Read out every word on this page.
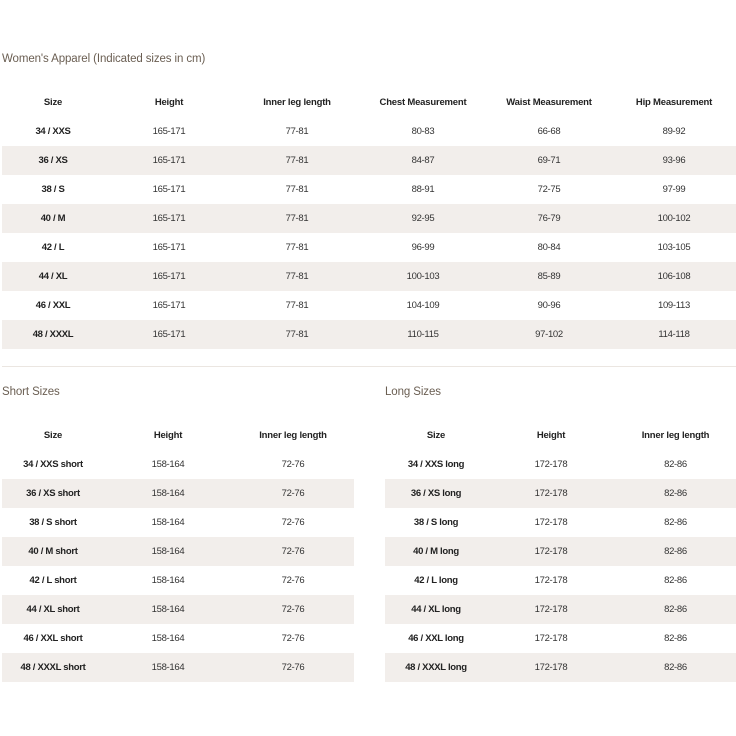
Women's Apparel (Indicated sizes in cm)
Size	Height	Inner leg length	Chest Measurement	Waist Measurement	Hip Measurement
34 / XXS	165-171	77-81	80-83	66-68	89-92
36 / XS	165-171	77-81	84-87	69-71	93-96
38 / S	165-171	77-81	88-91	72-75	97-99
40 / M	165-171	77-81	92-95	76-79	100-102
42 / L	165-171	77-81	96-99	80-84	103-105
44 / XL	165-171	77-81	100-103	85-89	106-108
46 / XXL	165-171	77-81	104-109	90-96	109-113
48 / XXXL	165-171	77-81	110-115	97-102	114-118
Short Sizes
Size	Height	Inner leg length
34 / XXS short	158-164	72-76
36 / XS short	158-164	72-76
38 / S short	158-164	72-76
40 / M short	158-164	72-76
42 / L short	158-164	72-76
44 / XL short	158-164	72-76
46 / XXL short	158-164	72-76
48 / XXXL short	158-164	72-76
Long Sizes
Size	Height	Inner leg length
34 / XXS long	172-178	82-86
36 / XS long	172-178	82-86
38 / S long	172-178	82-86
40 / M long	172-178	82-86
42 / L long	172-178	82-86
44 / XL long	172-178	82-86
46 / XXL long	172-178	82-86
48 / XXXL long	172-178	82-86
